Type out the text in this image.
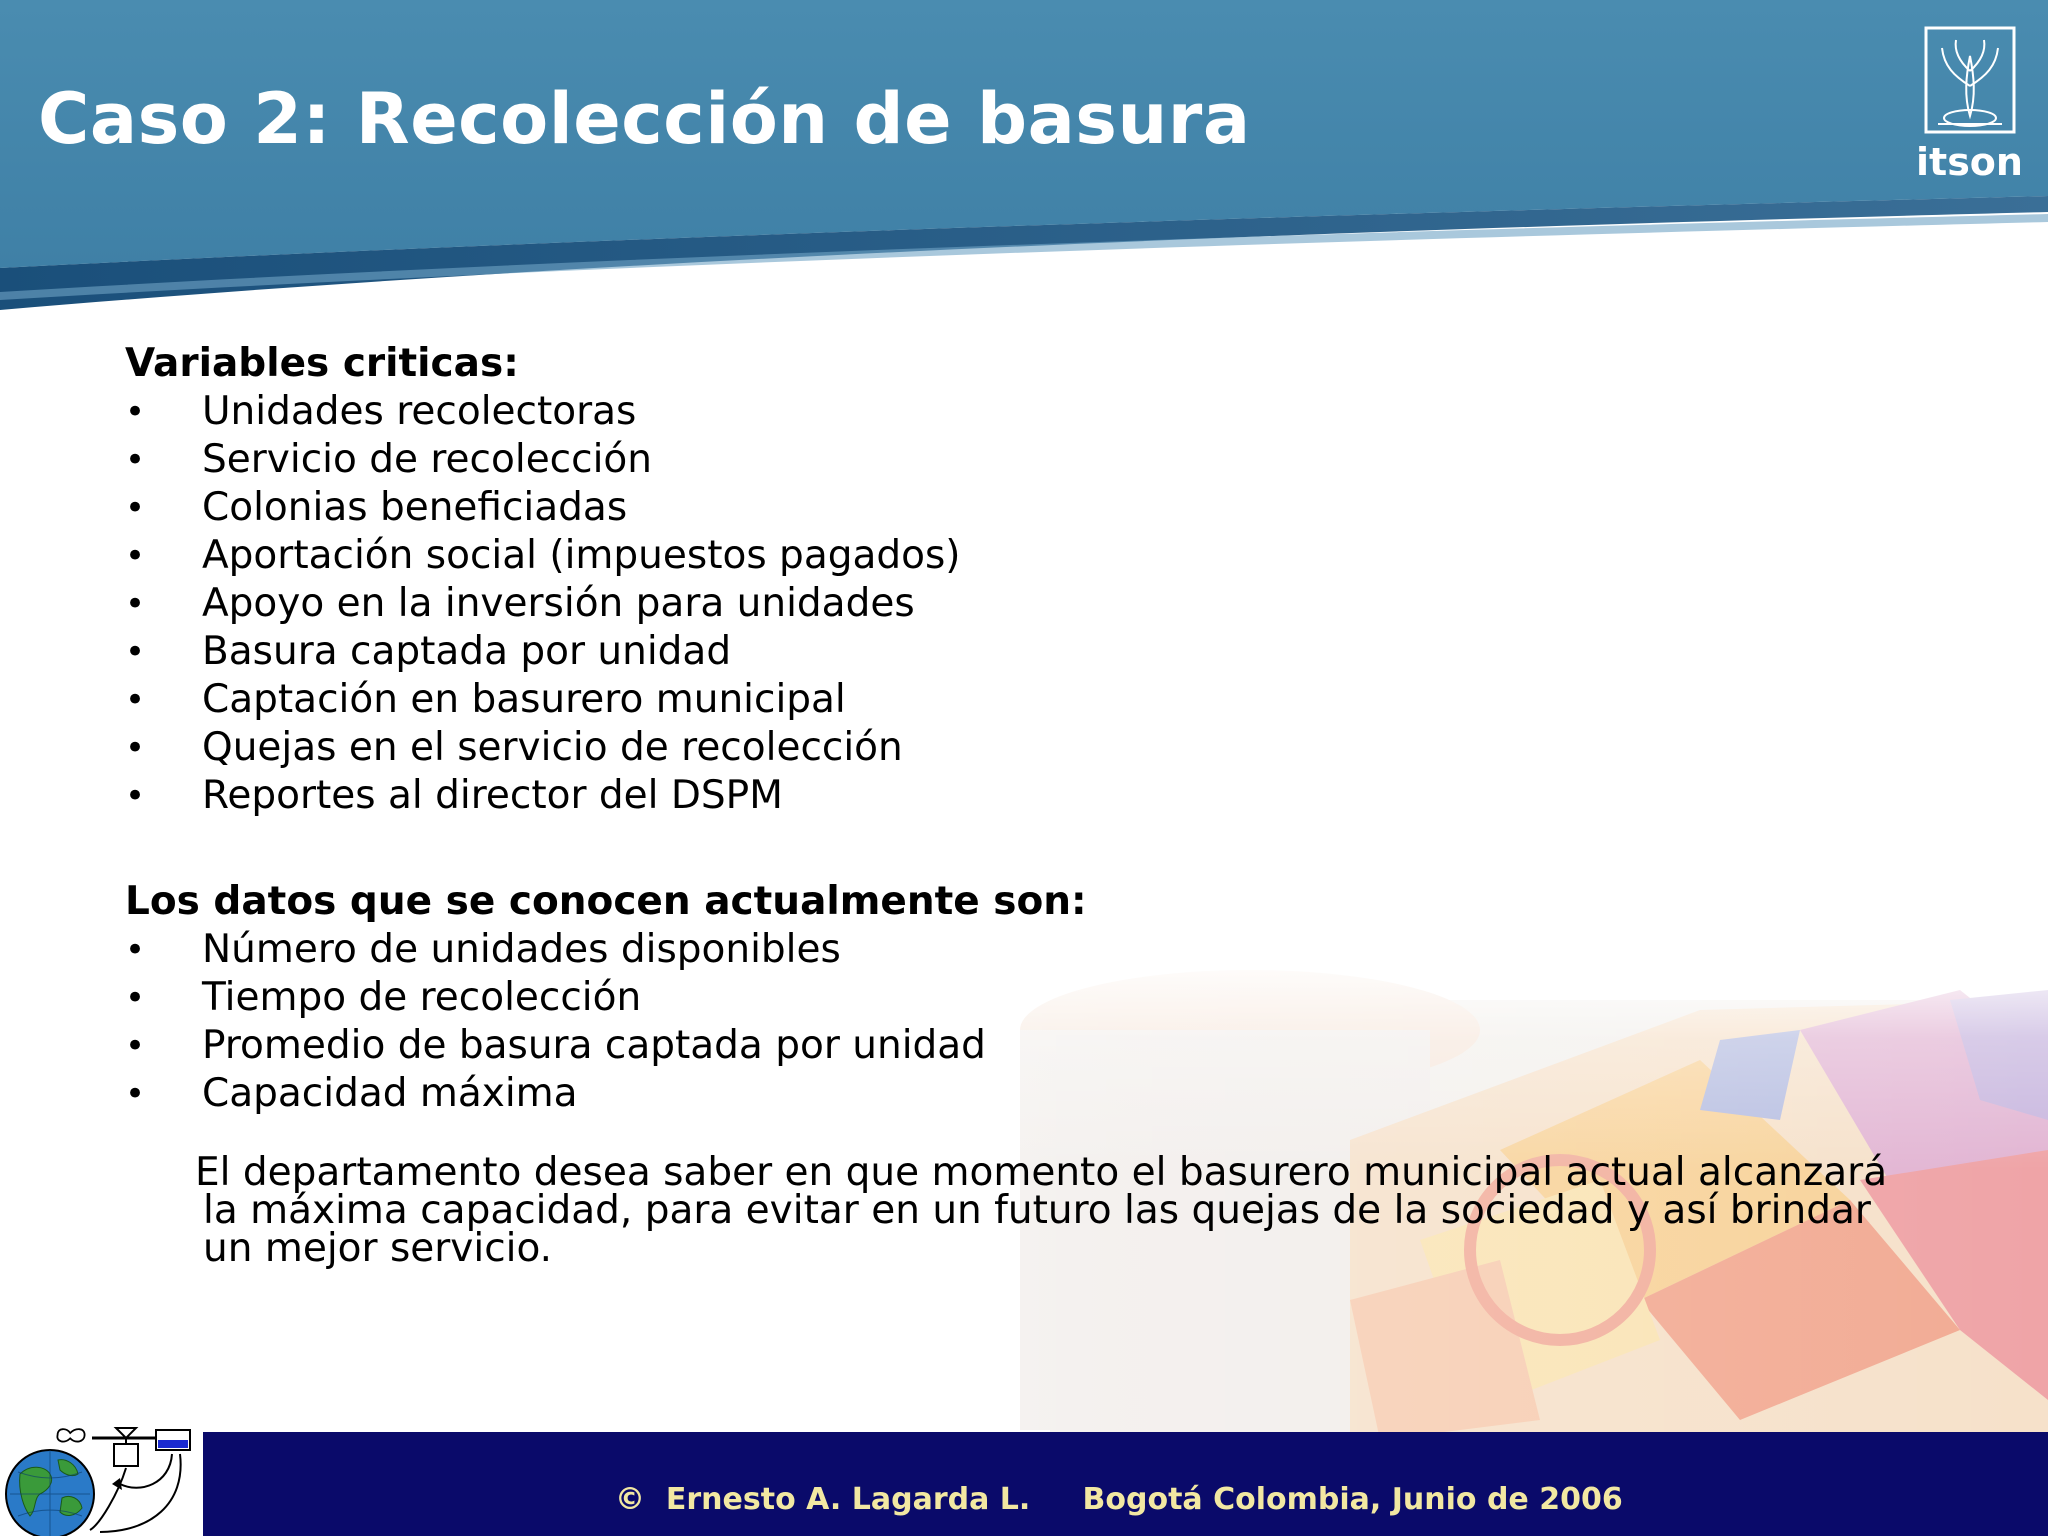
Caso 2: Recolección de basura
itson
Variables criticas:
• Unidades recolectoras
• Servicio de recolección
• Colonias beneficiadas
• Aportación social (impuestos pagados)
• Apoyo en la inversión para unidades
• Basura captada por unidad
• Captación en basurero municipal
• Quejas en el servicio de recolección
• Reportes al director del DSPM
Los datos que se conocen actualmente son:
• Número de unidades disponibles
• Tiempo de recolección
• Promedio de basura captada por unidad
• Capacidad máxima

El departamento desea saber en que momento el basurero municipal actual alcanzará
la máxima capacidad, para evitar en un futuro las quejas de la sociedad y así brindar
un mejor servicio.

©  Ernesto A. Lagarda L.     Bogotá Colombia, Junio de 2006
